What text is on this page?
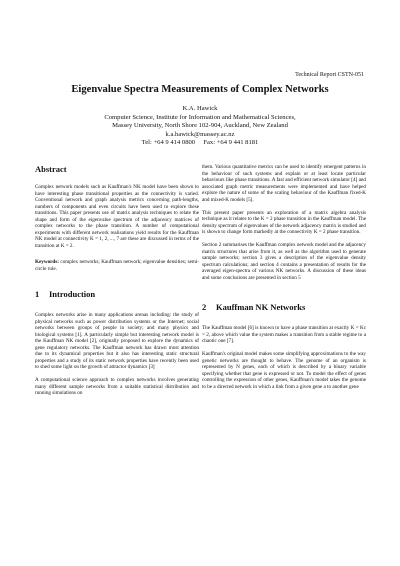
Technical Report CSTN-051
Eigenvalue Spectra Measurements of Complex Networks
K.A. Hawick
Computer Science, Institute for Information and Mathematical Sciences,
Massey University, North Shore 102-904, Auckland, New Zealand
k.a.hawick@massey.ac.nz
Tel: +64 9 414 0800     Fax: +64 9 441 8181
Abstract

Complex network models such as Kauffman's NK model have been shown to have interesting phase transitional properties as the connectivity is varied. Conventional network and graph analysis metrics concerning path-lengths, numbers of components and even circuits have been used to explore these transitions. This paper presents use of matrix analysis techniques to relate the shape and form of the eigenvalue spectrum of the adjacency matrices of complex networks to the phase transition. A number of computational experiments with different network realisations yield results for the Kauffman NK model at connectivity K = 1, 2, ..., 7 are these are discussed in terms of the transition at K = 2.

Keywords: complex networks; Kauffman network; eigenvalue densities; semi-circle rule.

1 Introduction

Complex networks arise in many applications arenas including: the study of physical networks such as power distribution systems or the Internet; social networks between groups of people in society; and many physics and biological systems [1]. A particularly simple but interesting network model is the Kauffman NK model [2], originally proposed to explore the dynamics of gene regulatory networks. The Kauffman network has drawn most attention due to its dynamical properties but it also has interesting static structural properties and a study of its static network properties have recently been used to shed some light on the growth of attractor dynamics [3]

A computational science approach to complex networks involves generating many different sample networks from a suitable statistical distribution and running simulations on

them. Various quantitative metrics can be used to identify emergent patterns in the behaviour of such systems and explain or at least locate particular behaviours like phase transitions. A fast and efficient network simulator [4] and associated graph metric measurements were implemented and have helped explore the nature of some of the scaling behaviour of the Kauffman fixed-K and mixed-K models [5].

This present paper presents an exploration of a matrix algebra analysis technique as it relates to the K = 2 phase transition in the Kauffman model. The density spectrum of eigenvalues of the network adjacency matrix is studied and is shown to change form markedly at the connectivity K = 2 phase transition.

Section 2 summarises the Kauffman complex network model and the adjacency matrix structures that arise from it, as well as the algorithm used to generate sample networks; section 3 gives a description of the eigenvalue density spectrum calculations; and section 4 contains a presentation of results for the averaged eigen-spectra of various NK networks. A discussion of these ideas and some conclusions are presented in section 5

2 Kauffman NK Networks

The Kauffman model [6] is known to have a phase transition at exactly K = Kc = 2, above which value the system makes a transition from a stable regime to a chaotic one [7].

Kauffman's original model makes some simplifying approximations to the way genetic networks are thought to behave. The genome of an organism is represented by N genes, each of which is described by a binary variable specifying whether that gene is expressed or not. To model the effect of genes controlling the expression of other genes, Kauffman's model takes the genome to be a directed network in which a link from a given gene a to another gene
